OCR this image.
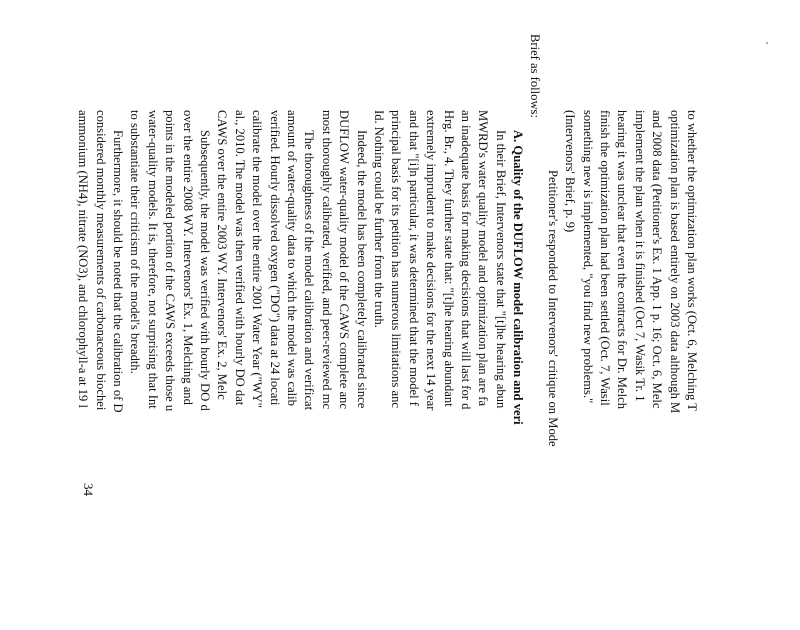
to whether the optimization plan works (Oct. 6, Melching T
optimization plan is based entirely on 2003 data although M
and 2008 data (Petitioner's Ex. 1 App. 1 p. 16; Oct. 6, Melc
implement the plan when it is finished (Oct 7, Wasik Tr. 1
hearing it was unclear that even the contracts for Dr. Melch
finish the optimization plan had been settled (Oct. 7, Wasil
something new is implemented, "you find new problems."
(Intervenors' Brief, p. 9)
Petitioner's responded to Intervenors' critique on Mode
Brief as follows:
A. Quality of the DUFLOW model calibration and veri
In their Brief, Intervenors state that "[t]he hearing abun
MWRD's water quality model and optimization plan are fa
an inadequate basis for making decisions that will last for d
Hrg. Br., 4. They further state that: "[t]he hearing abundant
extremely imprudent to make decisions for the next 14 year
and that "[i]n particular, it was determined that the model f
principal basis for its petition has numerous limitations anc
Id. Nothing could be further from the truth.
Indeed, the model has been completely calibrated since
DUFLOW water-quality model of the CAWS complete anc
most thoroughly calibrated, verified, and peer-reviewed mc
The thoroughness of the model calibration and verificat
amount of water-quality data to which the model was calib
verified. Hourly dissolved oxygen ("DO") data at 24 locati
calibrate the model over the entire 2001 Water Year ("WY"
al., 2010. The model was then verified with hourly DO dat
CAWS over the entire 2003 WY. Intervenors' Ex. 2, Melc
Subsequently, the model was verified with hourly DO d
over the entire 2008 WY. Intervenors' Ex. 1, Melching and
points in the modeled portion of the CAWS exceeds those u
water-quality models. It is, therefore, not surprising that Int
to substantiate their criticism of the model's breadth.
Furthermore, it should be noted that the calibration of D
considered monthly measurements of carbonaceous biochei
ammonium (NH4), nitrate (NO3), and chlorophyll-a at 19 l
34
